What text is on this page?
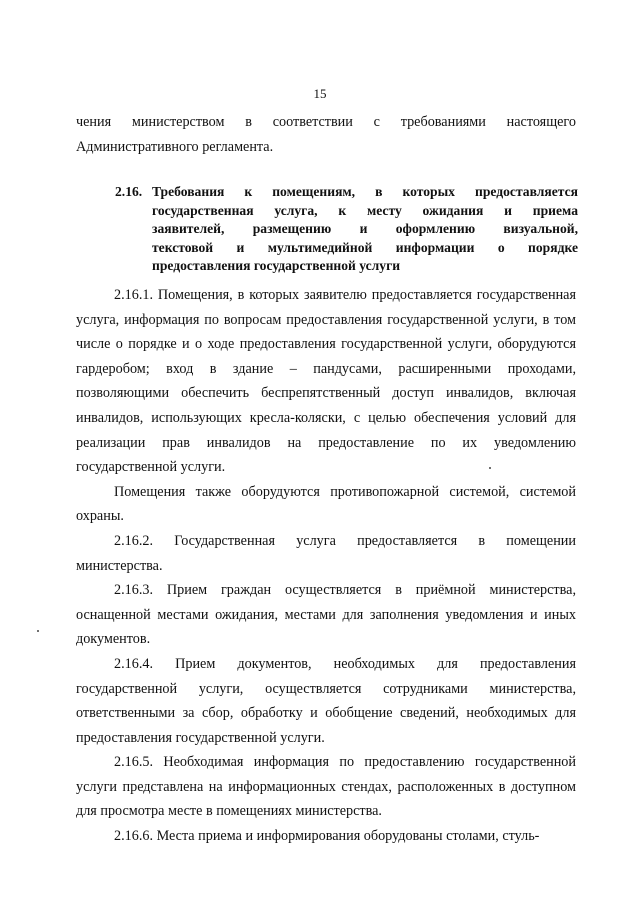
15
чения министерством в соответствии с требованиями настоящего Административного регламента.
2.16. Требования к помещениям, в которых предоставляется
государственная услуга, к месту ожидания и приема
заявителей, размещению и оформлению визуальной,
текстовой и мультимедийной информации о порядке
предоставления государственной услуги

2.16.1. Помещения, в которых заявителю предоставляется государственная услуга, информация по вопросам предоставления государственной услуги, в том числе о порядке и о ходе предоставления государственной услуги, оборудуются гардеробом; вход в здание – пандусами, расширенными проходами, позволяющими обеспечить беспрепятственный доступ инвалидов, включая инвалидов, использующих кресла-коляски, с целью обеспечения условий для реализации прав инвалидов на предоставление по их уведомлению государственной услуги.

Помещения также оборудуются противопожарной системой, системой охраны.

2.16.2. Государственная услуга предоставляется в помещении министерства.

2.16.3. Прием граждан осуществляется в приёмной министерства, оснащенной местами ожидания, местами для заполнения уведомления и иных документов.

2.16.4. Прием документов, необходимых для предоставления государственной услуги, осуществляется сотрудниками министерства, ответственными за сбор, обработку и обобщение сведений, необходимых для предоставления государственной услуги.

2.16.5. Необходимая информация по предоставлению государственной услуги представлена на информационных стендах, расположенных в доступном для просмотра месте в помещениях министерства.

2.16.6. Места приема и информирования оборудованы столами, стуль-
